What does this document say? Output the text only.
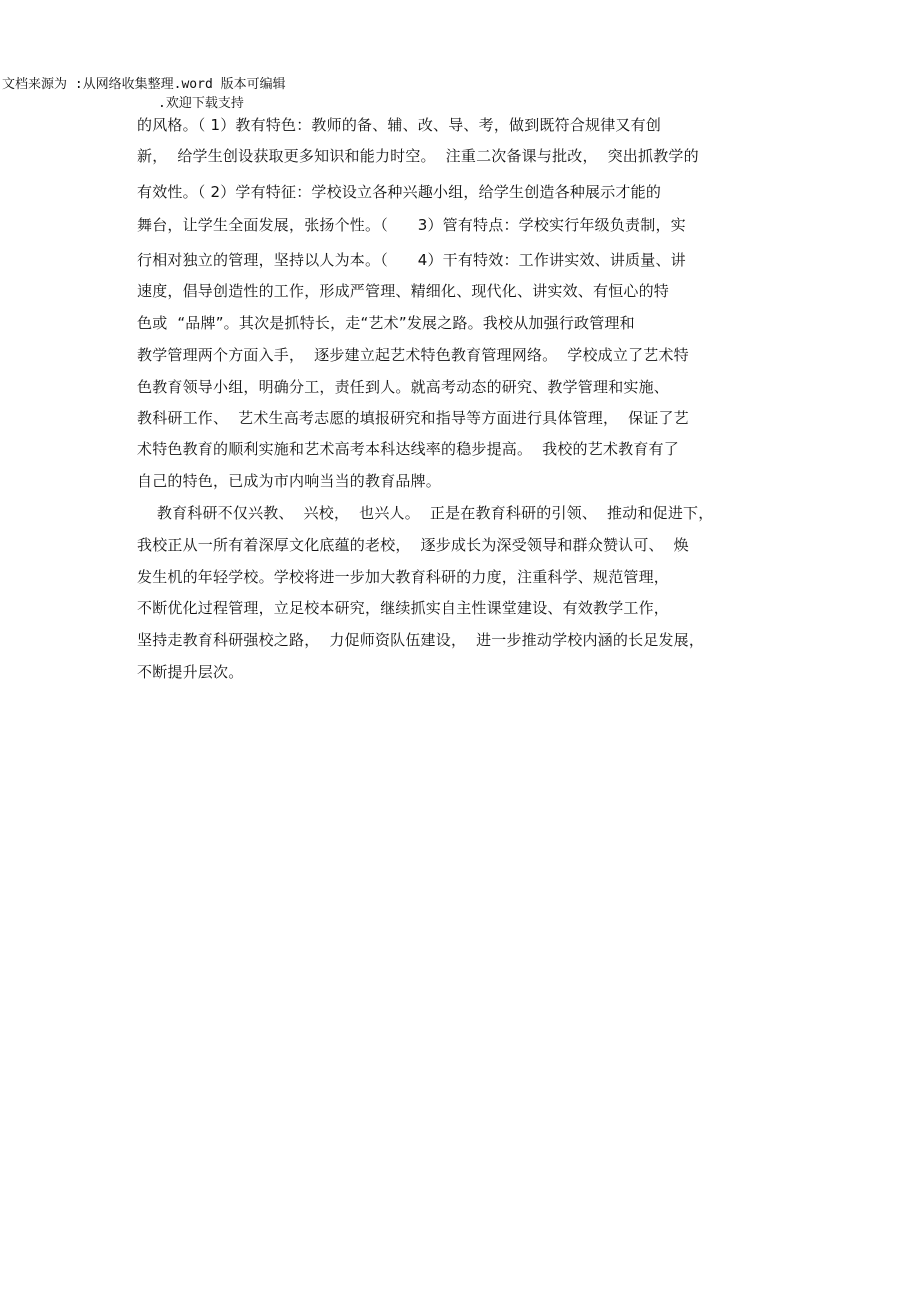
文档来源为 :从网络收集整理.word 版本可编辑
.欢迎下载支持
的风格。（ 1）教有特色：教师的备、辅、改、导、考，做到既符合规律又有创
新，  给学生创设获取更多知识和能力时空。  注重二次备课与批改，  突出抓教学的
有效性。（ 2）学有特征：学校设立各种兴趣小组，给学生创造各种展示才能的
舞台，让学生全面发展，张扬个性。（      3）管有特点：学校实行年级负责制，实
行相对独立的管理，坚持以人为本。（      4）干有特效：工作讲实效、讲质量、讲
速度，倡导创造性的工作，形成严管理、精细化、现代化、讲实效、有恒心的特
色或  “品牌”。其次是抓特长，走“艺术”发展之路。我校从加强行政管理和
教学管理两个方面入手，  逐步建立起艺术特色教育管理网络。  学校成立了艺术特
色教育领导小组，明确分工，责任到人。就高考动态的研究、教学管理和实施、
教科研工作、  艺术生高考志愿的填报研究和指导等方面进行具体管理，  保证了艺
术特色教育的顺利实施和艺术高考本科达线率的稳步提高。  我校的艺术教育有了
自己的特色，已成为市内响当当的教育品牌。
教育科研不仅兴教、  兴校，  也兴人。  正是在教育科研的引领、  推动和促进下，
我校正从一所有着深厚文化底蕴的老校，  逐步成长为深受领导和群众赞认可、  焕
发生机的年轻学校。学校将进一步加大教育科研的力度，注重科学、规范管理，
不断优化过程管理，立足校本研究，继续抓实自主性课堂建设、有效教学工作，
坚持走教育科研强校之路，  力促师资队伍建设，  进一步推动学校内涵的长足发展，
不断提升层次。
